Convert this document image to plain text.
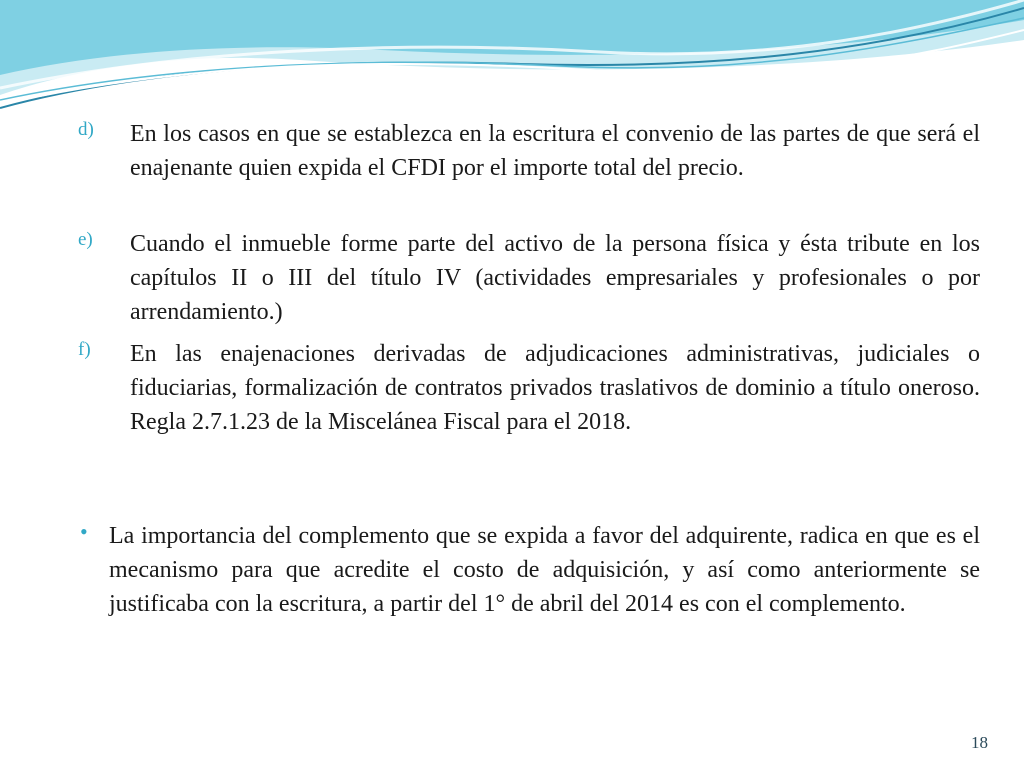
d) En los casos en que se establezca en la escritura el convenio de las partes de que será el enajenante quien expida el CFDI por el importe total del precio.
e) Cuando el inmueble forme parte del activo de la persona física y ésta tribute en los capítulos II o III del título IV (actividades empresariales y profesionales o por arrendamiento.)
f) En las enajenaciones derivadas de adjudicaciones administrativas, judiciales o fiduciarias, formalización de contratos privados traslativos de dominio a título oneroso. Regla 2.7.1.23 de la Miscelánea Fiscal para el 2018.
• La importancia del complemento que se expida a favor del adquirente, radica en que es el mecanismo para que acredite el costo de adquisición, y así como anteriormente se justificaba con la escritura, a partir del 1° de abril del 2014 es con el complemento.
18
